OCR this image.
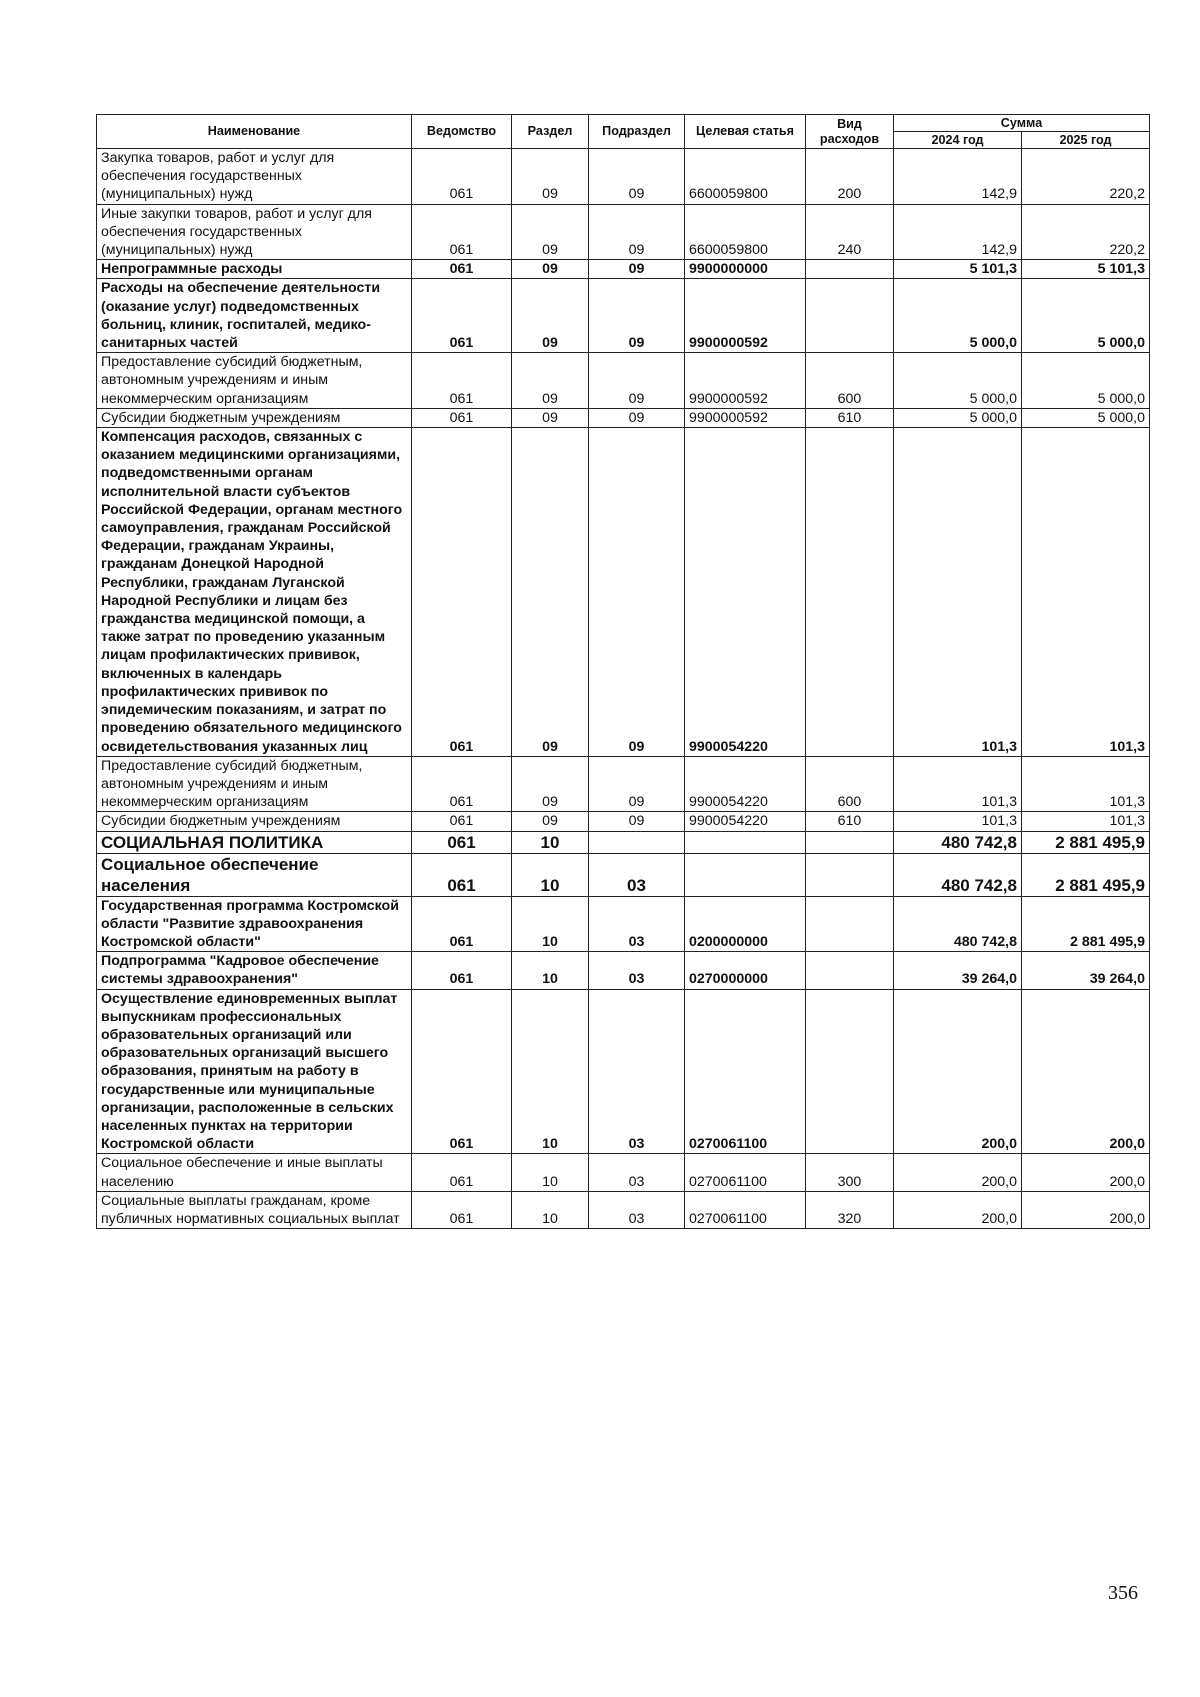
Наименование	Ведомство	Раздел	Подраздел	Целевая статья	Вид расходов	Сумма	
						2024 год	2025 год
Закупка товаров, работ и услуг для обеспечения государственных (муниципальных) нужд	061	09	09	6600059800	200	142,9	220,2
Иные закупки товаров, работ и услуг для обеспечения государственных (муниципальных) нужд	061	09	09	6600059800	240	142,9	220,2
Непрограммные расходы	061	09	09	9900000000		5 101,3	5 101,3
Расходы на обеспечение деятельности (оказание услуг) подведомственных больниц, клиник, госпиталей, медико-санитарных частей	061	09	09	9900000592		5 000,0	5 000,0
Предоставление субсидий бюджетным, автономным учреждениям и иным некоммерческим организациям	061	09	09	9900000592	600	5 000,0	5 000,0
Субсидии бюджетным учреждениям	061	09	09	9900000592	610	5 000,0	5 000,0
Компенсация расходов, связанных с оказанием медицинскими организациями, подведомственными органам исполнительной власти субъектов Российской Федерации, органам местного самоуправления, гражданам Российской Федерации, гражданам Украины, гражданам Донецкой Народной Республики, гражданам Луганской Народной Республики и лицам без гражданства медицинской помощи, а также затрат по проведению указанным лицам профилактических прививок, включенных в календарь профилактических прививок по эпидемическим показаниям, и затрат по проведению обязательного медицинского освидетельствования указанных лиц	061	09	09	9900054220		101,3	101,3
Предоставление субсидий бюджетным, автономным учреждениям и иным некоммерческим организациям	061	09	09	9900054220	600	101,3	101,3
Субсидии бюджетным учреждениям	061	09	09	9900054220	610	101,3	101,3
СОЦИАЛЬНАЯ ПОЛИТИКА	061	10				480 742,8	2 881 495,9
Социальное обеспечение населения	061	10	03			480 742,8	2 881 495,9
Государственная программа Костромской области "Развитие здравоохранения Костромской области"	061	10	03	0200000000		480 742,8	2 881 495,9
Подпрограмма "Кадровое обеспечение системы здравоохранения"	061	10	03	0270000000		39 264,0	39 264,0
Осуществление единовременных выплат выпускникам профессиональных образовательных организаций или образовательных организаций высшего образования, принятым на работу в государственные или муниципальные организации, расположенные в сельских населенных пунктах на территории Костромской области	061	10	03	0270061100		200,0	200,0
Социальное обеспечение и иные выплаты населению	061	10	03	0270061100	300	200,0	200,0
Социальные выплаты гражданам, кроме публичных нормативных социальных выплат	061	10	03	0270061100	320	200,0	200,0
356
